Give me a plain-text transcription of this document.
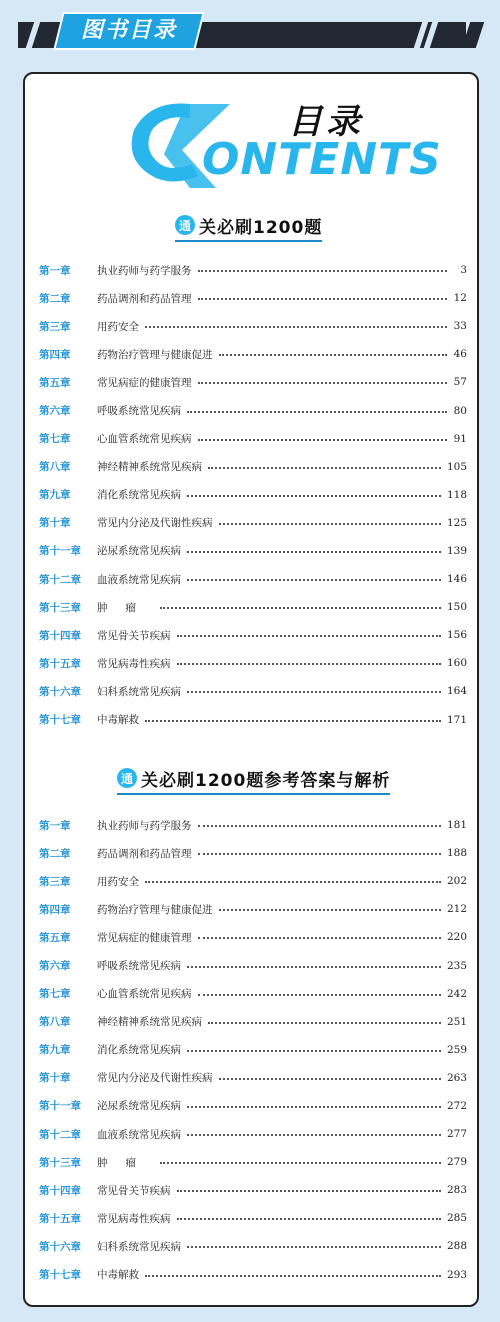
图书目录
目录
ONTENTS
通 关必刷1200题
第一章	执业药师与药学服务	3
第二章	药品调剂和药品管理	12
第三章	用药安全	33
第四章	药物治疗管理与健康促进	46
第五章	常见病症的健康管理	57
第六章	呼吸系统常见疾病	80
第七章	心血管系统常见疾病	91
第八章	神经精神系统常见疾病	105
第九章	消化系统常见疾病	118
第十章	常见内分泌及代谢性疾病	125
第十一章	泌尿系统常见疾病	139
第十二章	血液系统常见疾病	146
第十三章	肿瘤	150
第十四章	常见骨关节疾病	156
第十五章	常见病毒性疾病	160
第十六章	妇科系统常见疾病	164
第十七章	中毒解救	171
通 关必刷1200题参考答案与解析
第一章	执业药师与药学服务	181
第二章	药品调剂和药品管理	188
第三章	用药安全	202
第四章	药物治疗管理与健康促进	212
第五章	常见病症的健康管理	220
第六章	呼吸系统常见疾病	235
第七章	心血管系统常见疾病	242
第八章	神经精神系统常见疾病	251
第九章	消化系统常见疾病	259
第十章	常见内分泌及代谢性疾病	263
第十一章	泌尿系统常见疾病	272
第十二章	血液系统常见疾病	277
第十三章	肿瘤	279
第十四章	常见骨关节疾病	283
第十五章	常见病毒性疾病	285
第十六章	妇科系统常见疾病	288
第十七章	中毒解救	293
